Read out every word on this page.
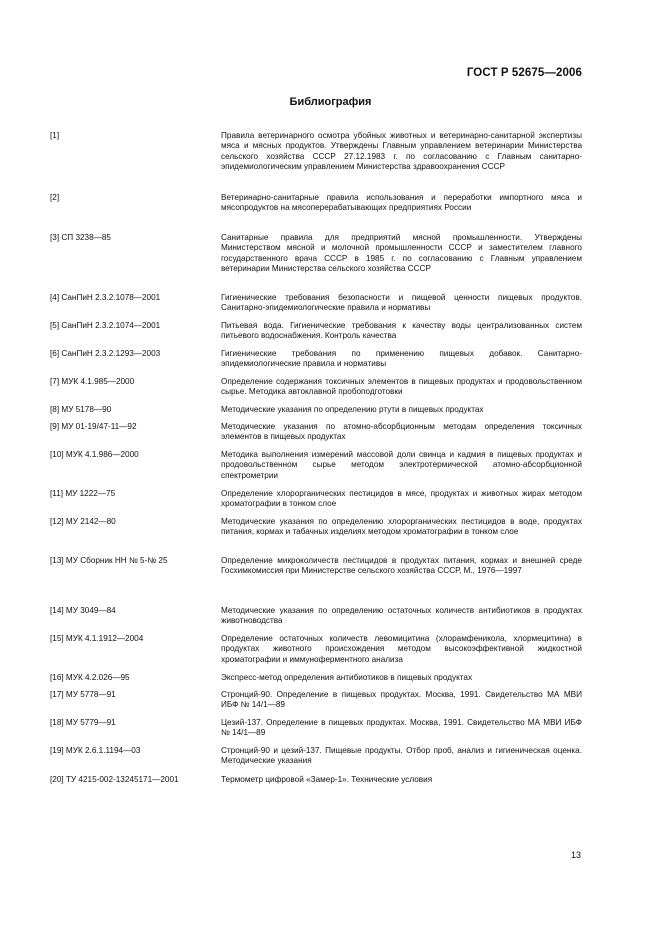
ГОСТ Р 52675—2006
Библиография
[1]	Правила ветеринарного осмотра убойных животных и ветеринарно-санитарной экспертизы мяса и мясных продуктов. Утверждены Главным управлением ветеринарии Министерства сельского хозяйства СССР 27.12.1983 г. по согласованию с Главным санитарно-эпидемиологическим управлением Министерства здравоохранения СССР
[2]	Ветеринарно-санитарные правила использования и переработки импортного мяса и мясопродуктов на мясоперерабатывающих предприятиях России
[3] СП 3238—85	Санитарные правила для предприятий мясной промышленности. Утверждены Министерством мясной и молочной промышленности СССР и заместителем главного государственного врача СССР в 1985 г. по согласованию с Главным управлением ветеринарии Министерства сельского хозяйства СССР
[4] СанПиН 2.3.2.1078—2001	Гигиенические требования безопасности и пищевой ценности пищевых продуктов. Санитарно-эпидемиологические правила и нормативы
[5] СанПиН 2.3.2.1074—2001	Питьевая вода. Гигиенические требования к качеству воды централизованных систем питьевого водоснабжения. Контроль качества
[6] СанПиН 2.3.2.1293—2003	Гигиенические требования по применению пищевых добавок. Санитарно-эпидемиологические правила и нормативы
[7] МУК 4.1.985—2000	Определение содержания токсичных элементов в пищевых продуктах и продовольственном сырье. Методика автоклавной пробоподготовки
[8] МУ 5178—90	Методические указания по определению ртути в пищевых продуктах
[9] МУ 01-19/47-11—92	Методические указания по атомно-абсорбционным методам определения токсичных элементов в пищевых продуктах
[10] МУК 4.1.986—2000	Методика выполнения измерений массовой доли свинца и кадмия в пищевых продуктах и продовольственном сырье методом электротермической атомно-абсорбционной спектрометрии
[11] МУ 1222—75	Определение хлорорганических пестицидов в мясе, продуктах и животных жирах методом хроматографии в тонком слое
[12] МУ 2142—80	Методические указания по определению хлорорганических пестицидов в воде, продуктах питания, кормах и табачных изделиях методом хроматографии в тонком слое
[13] МУ Сборник НН № 5-№ 25	Определение микроколичеств пестицидов в продуктах питания, кормах и внешней среде Госхимкомиссия при Министерстве сельского хозяйства СССР, М., 1976—1997
[14] МУ 3049—84	Методические указания по определению остаточных количеств антибиотиков в продуктах животноводства
[15] МУК 4.1.1912—2004	Определение остаточных количеств левомицитина (хлорамфеникола, хлормецитина) в продуктах животного происхождения методом высокоэффективной жидкостной хроматографии и иммуноферментного анализа
[16] МУК 4.2.026—95	Экспресс-метод определения антибиотиков в пищевых продуктах
[17] МУ 5778—91	Стронций-90. Определение в пищевых продуктах. Москва, 1991. Свидетельство МА МВИ ИБФ № 14/1—89
[18] МУ 5779—91	Цезий-137. Определение в пищевых продуктах. Москва, 1991. Свидетельство МА МВИ ИБФ № 14/1—89
[19] МУК 2.6.1.1194—03	Стронций-90 и цезий-137. Пищевые продукты. Отбор проб, анализ и гигиеническая оценка. Методические указания
[20] ТУ 4215-002-13245171—2001	Термометр цифровой «Замер-1». Технические условия
13
